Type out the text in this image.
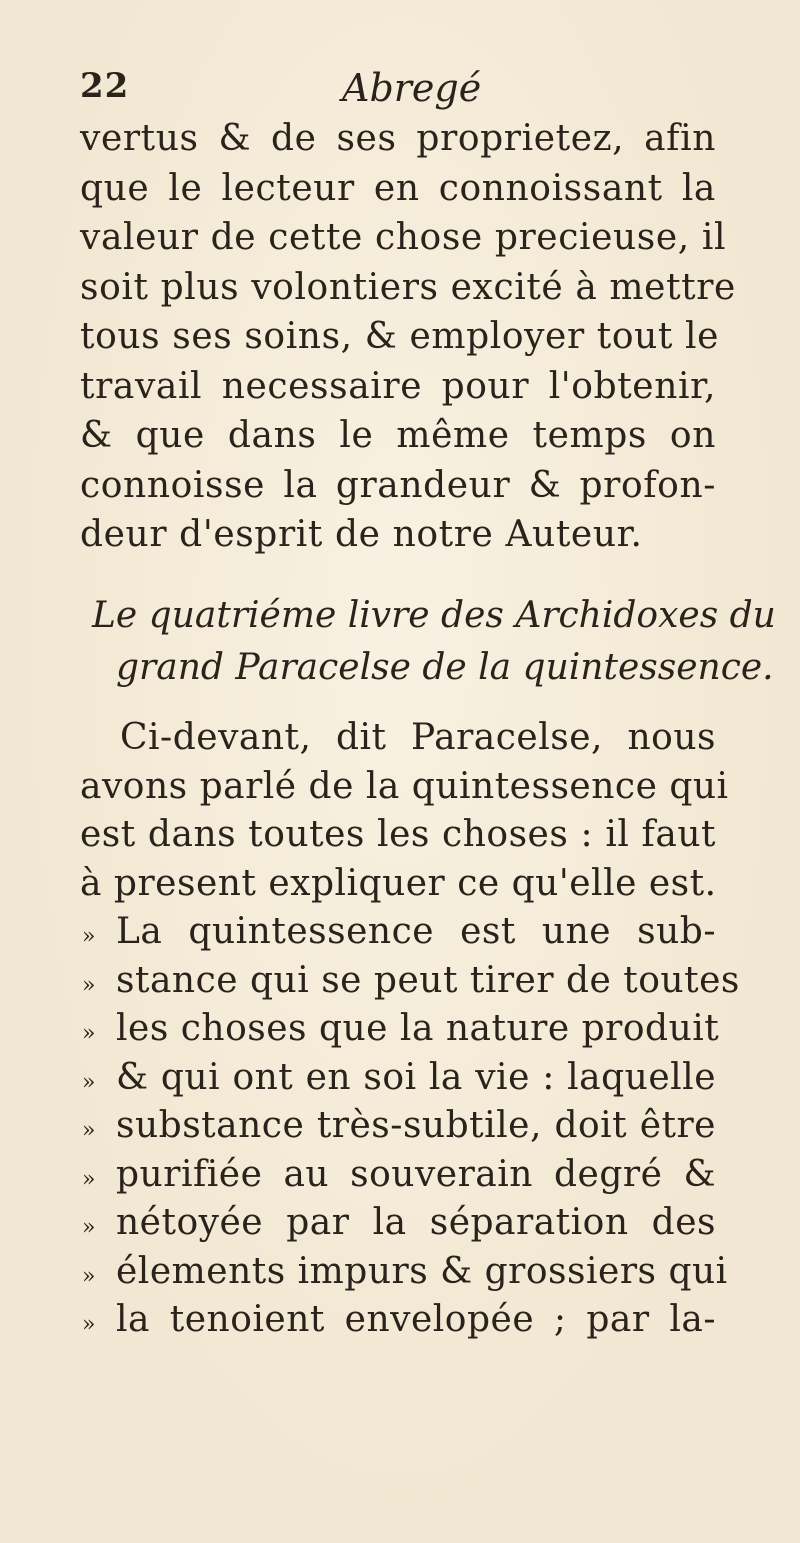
22	Abregé
vertus & de ses proprietez, afin
que le lecteur en connoissant la
valeur de cette chose precieuse, il
soit plus volontiers excité à mettre
tous ses soins, & employer tout le
travail necessaire pour l'obtenir,
& que dans le même temps on
connoisse la grandeur & profon-
deur d'esprit de notre Auteur.
Le quatriéme livre des Archidoxes du
grand Paracelse de la quintessence.
Ci-devant, dit Paracelse, nous
avons parlé de la quintessence qui
est dans toutes les choses : il faut
à present expliquer ce qu'elle est.
» La quintessence est une sub-
» stance qui se peut tirer de toutes
» les choses que la nature produit
» & qui ont en soi la vie : laquelle
» substance très-subtile, doit être
» purifiée au souverain degré &
» nétoyée par la séparation des
» élements impurs & grossiers qui
» la tenoient envelopée ; par la-
